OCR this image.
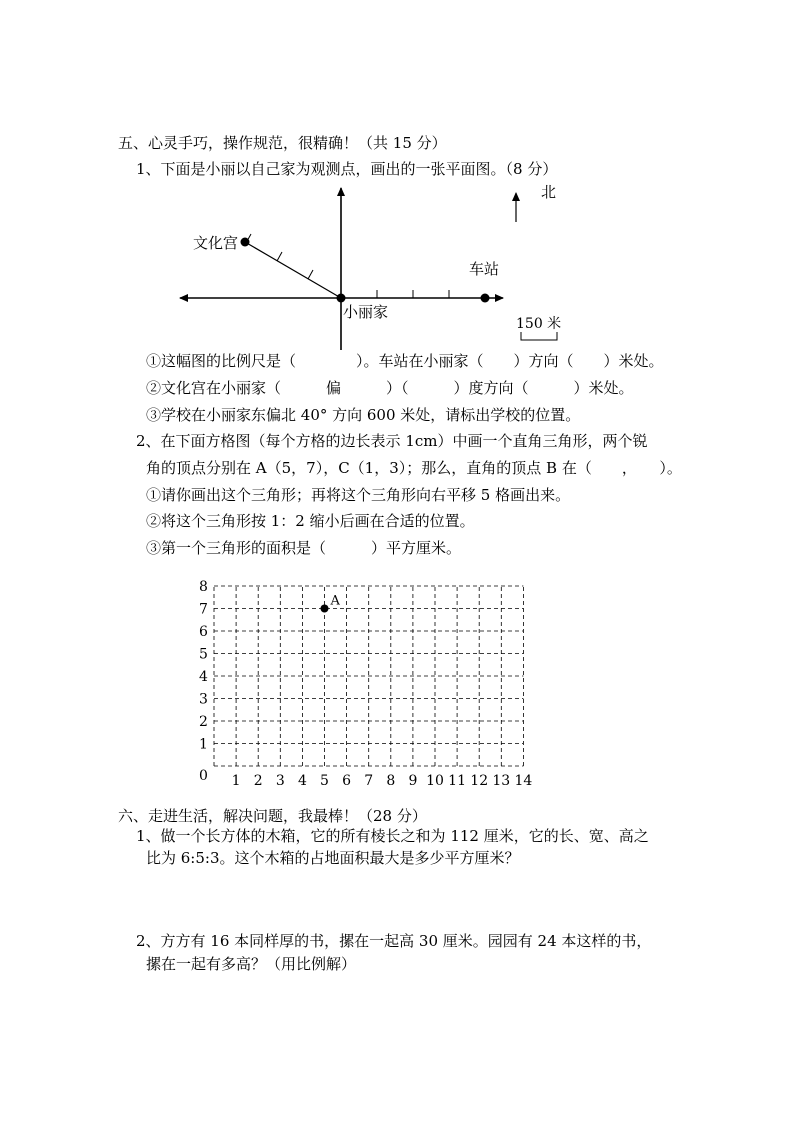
五、心灵手巧，操作规范，很精确！（共 15 分）
1、下面是小丽以自己家为观测点，画出的一张平面图。（8 分）
北
文化宫
车站
小丽家
150 米
①这幅图的比例尺是（　　　　）。车站在小丽家（　　）方向（　　）米处。
②文化宫在小丽家（　　　偏　　　）（　　　）度方向（　　　）米处。
③学校在小丽家东偏北 40° 方向 600 米处，请标出学校的位置。
2、在下面方格图（每个方格的边长表示 1cm）中画一个直角三角形，两个锐
角的顶点分别在 A（5，7），C（1，3）；那么，直角的顶点 B 在（　　，　　）。
①请你画出这个三角形；再将这个三角形向右平移 5 格画出来。
②将这个三角形按 1：2 缩小后画在合适的位置。
③第一个三角形的面积是（　　　）平方厘米。
1 2 3 4 5 6 7 8 9 10 11 12 13 14
1
2
3
4
5
6
7
8
A
0
六、走进生活，解决问题，我最棒！（28 分）
1、做一个长方体的木箱，它的所有棱长之和为 112 厘米，它的长、宽、高之
比为 6:5:3。这个木箱的占地面积最大是多少平方厘米？
2、方方有 16 本同样厚的书，摞在一起高 30 厘米。园园有 24 本这样的书，
摞在一起有多高？（用比例解）
